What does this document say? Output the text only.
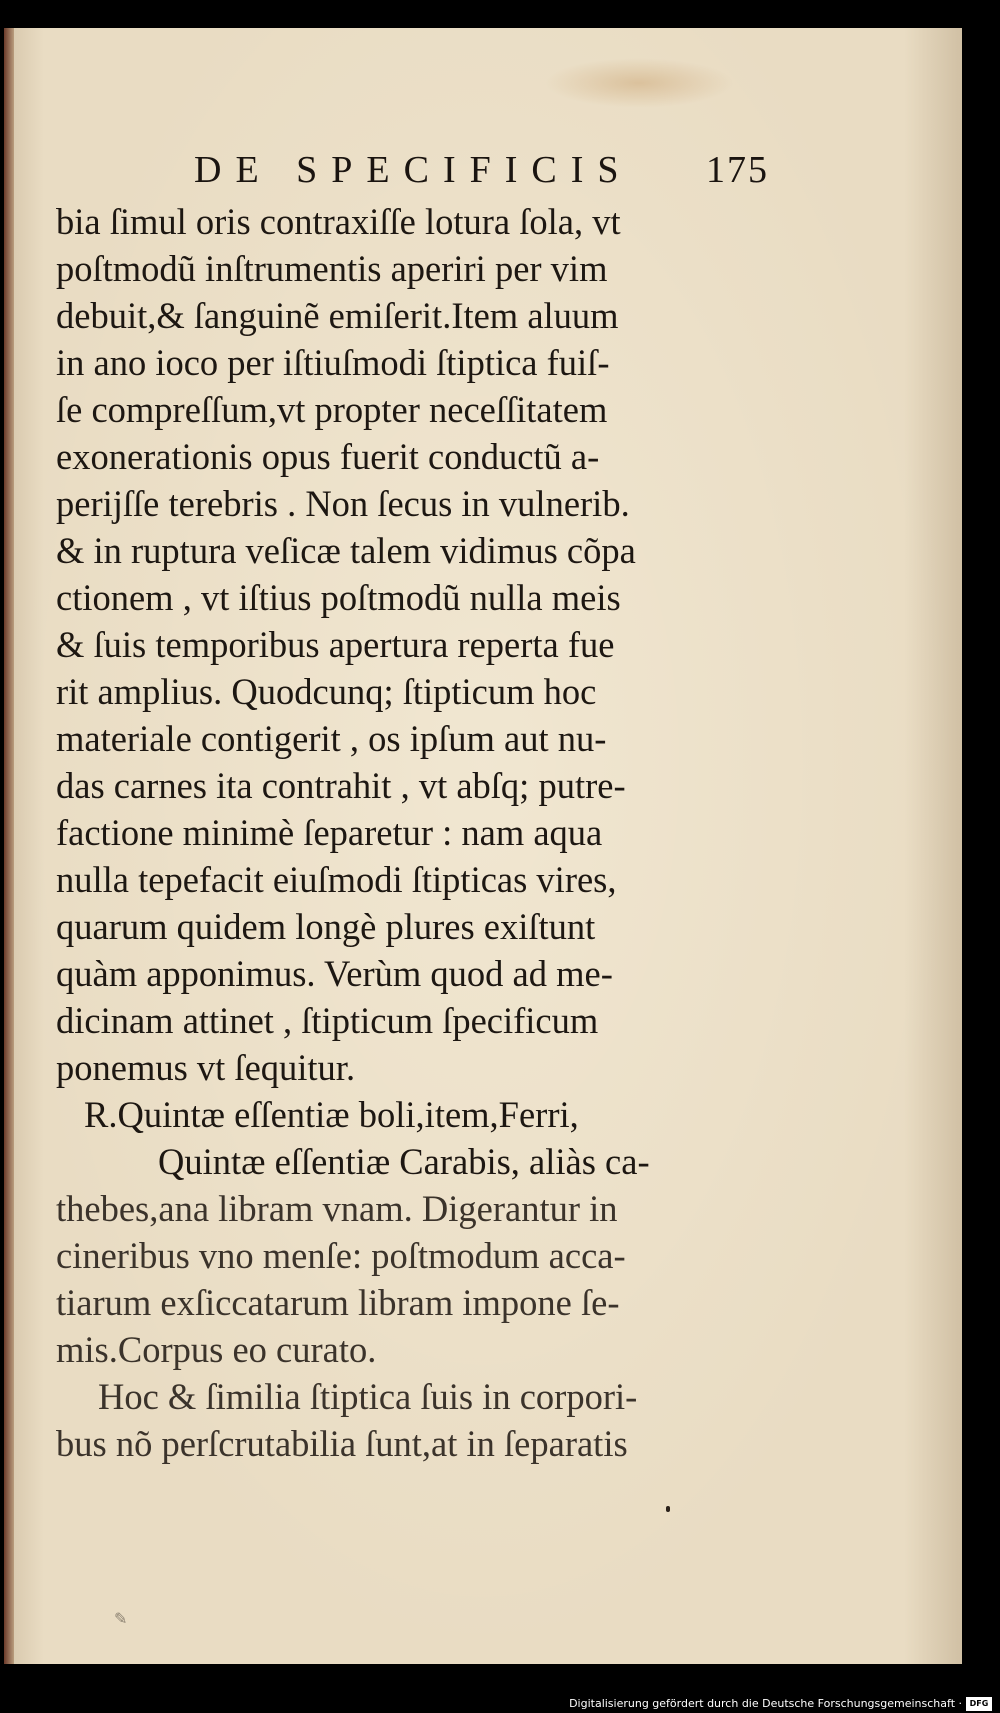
DE SPECIFICIS 175
bia ſimul oris contraxiſſe lotura ſola, vt
poſtmodũ inſtrumentis aperiri per vim
debuit,& ſanguinẽ emiſerit.Item aluum
in ano ioco per iſtiuſmodi ſtiptica fuiſ-
ſe compreſſum,vt propter neceſſitatem
exonerationis opus fuerit conductũ a-
perijſſe terebris . Non ſecus in vulnerib.
& in ruptura veſicæ talem vidimus cõpa
ctionem , vt iſtius poſtmodũ nulla meis
& ſuis temporibus apertura reperta fue
rit amplius. Quodcunq; ſtipticum hoc
materiale contigerit , os ipſum aut nu-
das carnes ita contrahit , vt abſq; putre-
factione minimè ſeparetur : nam aqua
nulla tepefacit eiuſmodi ſtipticas vires,
quarum quidem longè plures exiſtunt
quàm apponimus. Verùm quod ad me-
dicinam attinet , ſtipticum ſpecificum
ponemus vt ſequitur.
R.Quintæ eſſentiæ boli,item,Ferri,
Quintæ eſſentiæ Carabis, aliàs ca-
thebes,ana libram vnam. Digerantur in
cineribus vno menſe: poſtmodum acca-
tiarum exſiccatarum libram impone ſe-
mis.Corpus eo curato.
Hoc & ſimilia ſtiptica ſuis in corpori-
bus nõ perſcrutabilia ſunt,at in ſeparatis
✎
Digitalisierung gefördert durch die Deutsche Forschungsgemeinschaft · DFG
